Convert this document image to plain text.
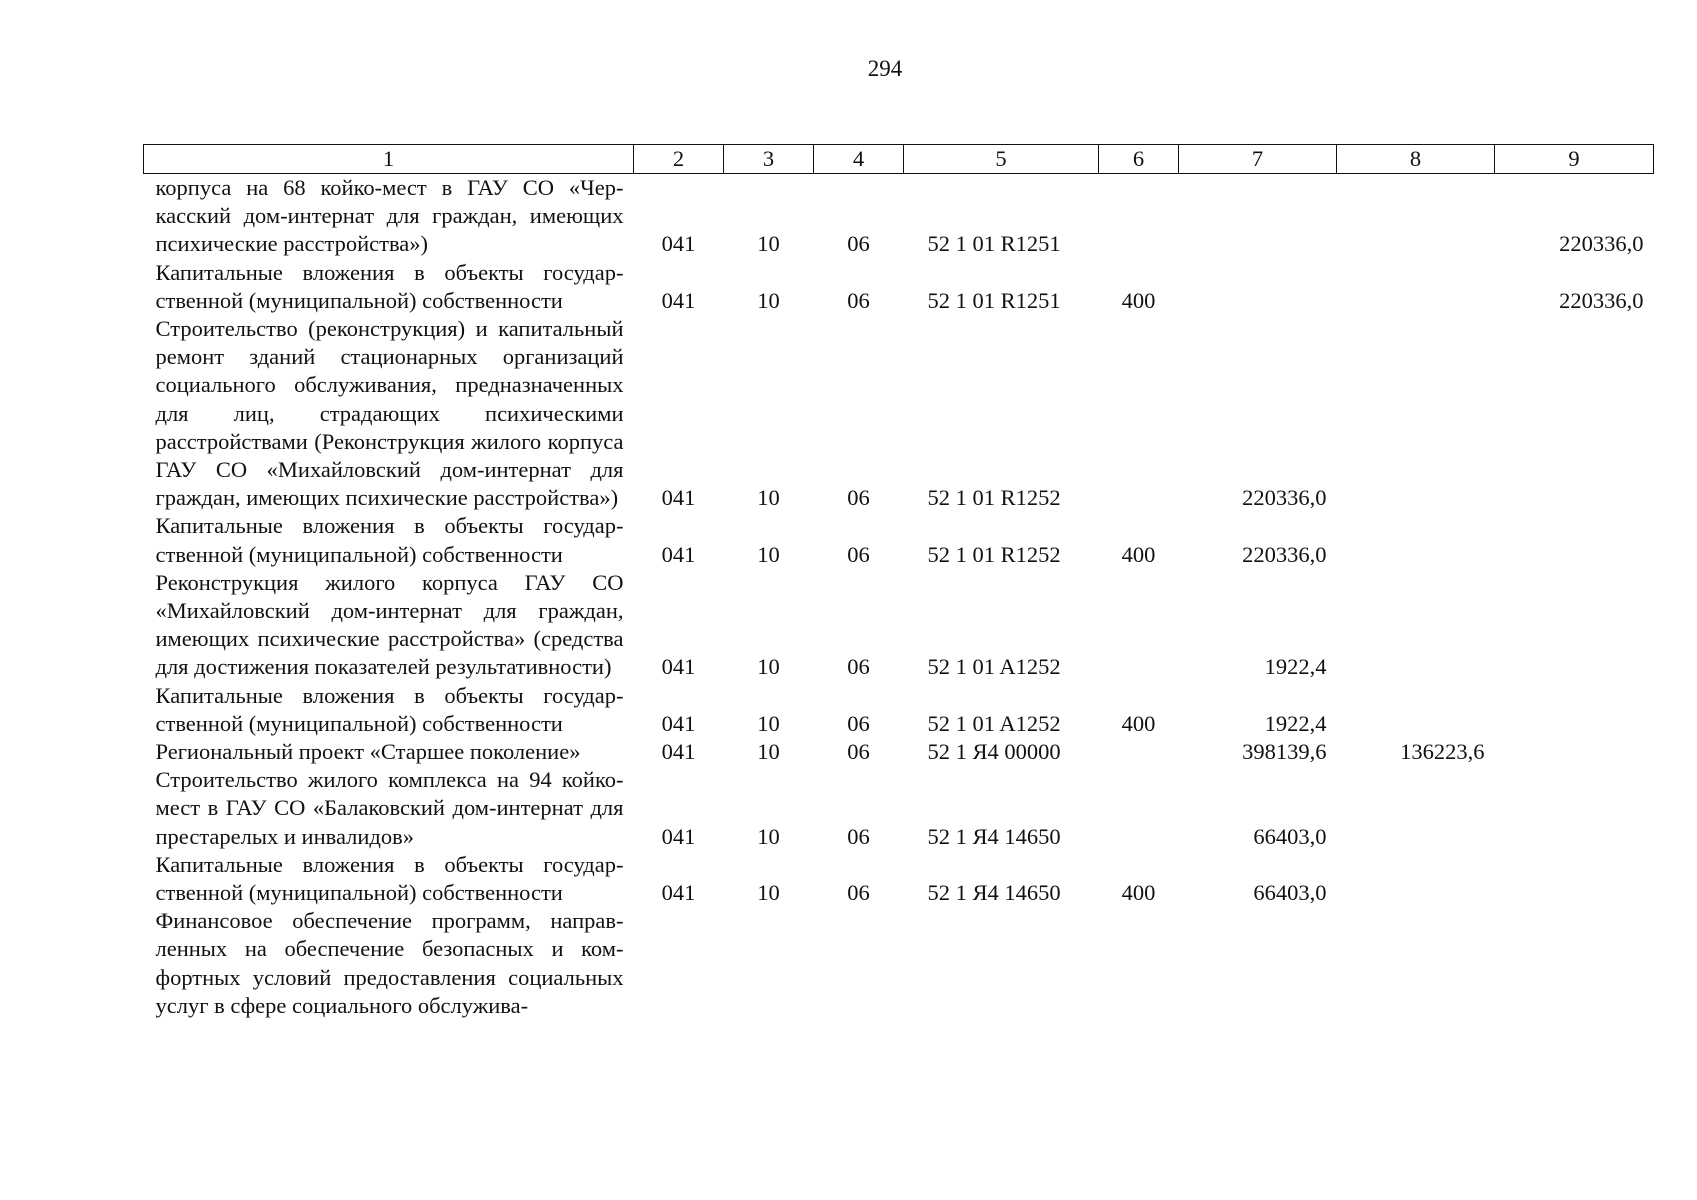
294
1	2	3	4	5	6	7	8	9
корпуса на 68 койко-мест в ГАУ СО «Черкасский дом-интернат для граждан, имеющих психические расстройства»)	041	10	06	52 1 01 R1251				220336,0
Капитальные вложения в объекты государственной (муниципальной) собственности	041	10	06	52 1 01 R1251	400			220336,0
Строительство (реконструкция) и капитальный ремонт зданий стационарных организаций социального обслуживания, предназначенных для лиц, страдающих психическими расстройствами (Реконструкция жилого корпуса ГАУ СО «Михайловский дом-интернат для граждан, имеющих психические расстройства»)	041	10	06	52 1 01 R1252		220336,0		
Капитальные вложения в объекты государственной (муниципальной) собственности	041	10	06	52 1 01 R1252	400	220336,0		
Реконструкция жилого корпуса ГАУ СО «Михайловский дом-интернат для граждан, имеющих психические расстройства» (средства для достижения показателей результативности)	041	10	06	52 1 01 A1252		1922,4		
Капитальные вложения в объекты государственной (муниципальной) собственности	041	10	06	52 1 01 A1252	400	1922,4		
Региональный проект «Старшее поколение»	041	10	06	52 1 Я4 00000		398139,6	136223,6	
Строительство жилого комплекса на 94 койко-мест в ГАУ СО «Балаковский дом-интернат для престарелых и инвалидов»	041	10	06	52 1 Я4 14650		66403,0		
Капитальные вложения в объекты государственной (муниципальной) собственности	041	10	06	52 1 Я4 14650	400	66403,0		
Финансовое обеспечение программ, направленных на обеспечение безопасных и комфортных условий предоставления социальных услуг в сфере социального обслужива-								
